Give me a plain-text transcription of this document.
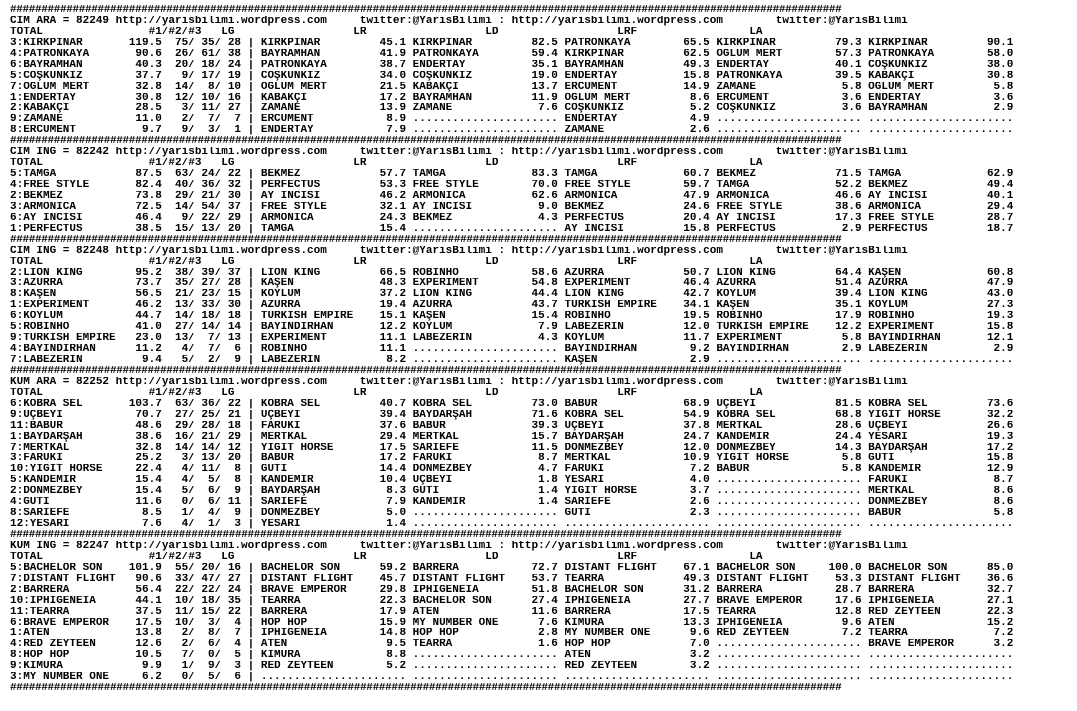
#####################################################################################################################################
CIM ARA = 82249 http://yarisbilimi.wordpress.com     twitter:@YarisBilimi : http://yarisbilimi.wordpress.com        twitter:@YarisBilimi
TOTAL                #1/#2/#3   LG                  LR                  LD                  LRF                 LA
3:KIRKPINAR       119.5  75/ 35/ 28 | KIRKPINAR         45.1 KIRKPINAR         82.5 PATRONKAYA        65.5 KIRKPINAR         79.3 KIRKPINAR         90.1
4:PATRONKAYA       90.6  26/ 61/ 38 | BAYRAMHAN         41.9 PATRONKAYA        59.4 KIRKPINAR         62.5 OĞLUM MERT        57.3 PATRONKAYA        58.0
6:BAYRAMHAN        40.3  20/ 18/ 24 | PATRONKAYA        38.7 ENDERTAY          35.1 BAYRAMHAN         49.3 ENDERTAY          40.1 COŞKUNKIZ         38.0
5:COŞKUNKIZ        37.7   9/ 17/ 19 | COŞKUNKIZ         34.0 COŞKUNKIZ         19.0 ENDERTAY          15.8 PATRONKAYA        39.5 KABAKÇI           30.8
7:OĞLUM MERT       32.8  14/  8/ 10 | OĞLUM MERT        21.5 KABAKÇI           13.7 ERCÜMENT          14.9 ZAMANE             5.8 OĞLUM MERT         5.8
1:ENDERTAY         30.8  12/ 10/ 16 | KABAKÇI           17.2 BAYRAMHAN         11.9 OĞLUM MERT         8.6 ERCÜMENT           3.6 ENDERTAY           3.6
2:KABAKÇI          28.5   3/ 11/ 27 | ZAMANE            13.9 ZAMANE             7.6 COŞKUNKIZ          5.2 COŞKUNKIZ          3.6 BAYRAMHAN          2.9
9:ZAMANE           11.0   2/  7/  7 | ERCÜMENT           8.9 ...................... ENDERTAY           4.9 ...................... ......................
8:ERCÜMENT          9.7   9/  3/  1 | ENDERTAY           7.9 ...................... ZAMANE             2.6 ...................... ......................
#####################################################################################################################################
CIM ING = 82242 http://yarisbilimi.wordpress.com     twitter:@YarisBilimi : http://yarisbilimi.wordpress.com        twitter:@YarisBilimi
TOTAL                #1/#2/#3   LG                  LR                  LD                  LRF                 LA
5:TAMGA            87.5  63/ 24/ 22 | BEKMEZ            57.7 TAMGA             83.3 TAMGA             60.7 BEKMEZ            71.5 TAMGA             62.9
4:FREE STYLE       82.4  40/ 36/ 32 | PERFECTUS         53.3 FREE STYLE        70.0 FREE STYLE        59.7 TAMGA             52.2 BEKMEZ            49.4
2:BEKMEZ           73.8  29/ 21/ 30 | AY İNCİSİ         46.2 ARMONICA          62.6 ARMONICA          47.9 ARMONICA          46.6 AY İNCİSİ         40.1
3:ARMONICA         72.5  14/ 54/ 37 | FREE STYLE        32.1 AY İNCİSİ          9.0 BEKMEZ            24.6 FREE STYLE        38.6 ARMONICA          29.4
6:AY İNCİSİ        46.4   9/ 22/ 29 | ARMONICA          24.3 BEKMEZ             4.3 PERFECTUS         20.4 AY İNCİSİ         17.3 FREE STYLE        28.7
1:PERFECTUS        38.5  15/ 13/ 20 | TAMGA             15.4 ...................... AY İNCİSİ         15.8 PERFECTUS          2.9 PERFECTUS         18.7
#####################################################################################################################################
CIM ING = 82248 http://yarisbilimi.wordpress.com     twitter:@YarisBilimi : http://yarisbilimi.wordpress.com        twitter:@YarisBilimi
TOTAL                #1/#2/#3   LG                  LR                  LD                  LRF                 LA
2:LION KING        95.2  38/ 39/ 37 | LION KING         66.5 ROBINHO           58.6 AZURRA            50.7 LION KING         64.4 KAŞEN             60.8
3:AZURRA           73.7  35/ 27/ 28 | KAŞEN             48.3 EXPERIMENT        54.8 EXPERIMENT        46.4 AZURRA            51.4 AZURRA            47.9
8:KAŞEN            56.5  21/ 23/ 15 | KÖYLÜM            37.2 LION KING         44.4 LION KING         42.7 KÖYLÜM            39.4 LION KING         43.0
1:EXPERIMENT       46.2  13/ 33/ 30 | AZURRA            19.4 AZURRA            43.7 TURKISH EMPIRE    34.1 KAŞEN             35.1 KÖYLÜM            27.3
6:KÖYLÜM           44.7  14/ 18/ 18 | TURKISH EMPIRE    15.1 KAŞEN             15.4 ROBINHO           19.5 ROBINHO           17.9 ROBINHO           19.3
5:ROBINHO          41.0  27/ 14/ 14 | BAYINDIRHAN       12.2 KÖYLÜM             7.9 LABEZERIN         12.0 TURKISH EMPIRE    12.2 EXPERIMENT        15.8
9:TURKISH EMPIRE   23.0  13/  7/ 13 | EXPERIMENT        11.1 LABEZERIN          4.3 KÖYLÜM            11.7 EXPERIMENT         5.8 BAYINDIRHAN       12.1
4:BAYINDIRHAN      11.2   4/  7/  6 | ROBINHO           11.1 ...................... BAYINDIRHAN        9.2 BAYINDIRHAN        2.9 LABEZERIN          2.9
7:LABEZERIN         9.4   5/  2/  9 | LABEZERIN          8.2 ...................... KAŞEN              2.9 ...................... ......................
#####################################################################################################################################
KUM ARA = 82252 http://yarisbilimi.wordpress.com     twitter:@YarisBilimi : http://yarisbilimi.wordpress.com        twitter:@YarisBilimi
TOTAL                #1/#2/#3   LG                  LR                  LD                  LRF                 LA
6:KOBRA SEL       103.7  63/ 36/ 22 | KOBRA SEL         40.7 KOBRA SEL         73.0 BABÜR             68.9 UÇBEYİ            81.5 KOBRA SEL         73.6
9:UÇBEYİ           70.7  27/ 25/ 21 | UÇBEYİ            39.4 BAYDARŞAH         71.6 KOBRA SEL         54.9 KOBRA SEL         68.8 YİĞİT HORSE       32.2
11:BABÜR           48.6  29/ 28/ 18 | FARUKİ            37.6 BABÜR             39.3 UÇBEYİ            37.8 MERTKAL           28.6 UÇBEYİ            26.6
1:BAYDARŞAH        38.6  16/ 21/ 29 | MERTKAL           29.4 MERTKAL           15.7 BAYDARŞAH         24.7 KANDEMİR          24.4 YESARİ            19.3
7:MERTKAL          32.8  14/ 14/ 12 | YİĞİT HORSE       17.5 SARIEFE           11.5 DÖNMEZBEY         12.0 DÖNMEZBEY         14.3 BAYDARŞAH         17.2
3:FARUKİ           25.2   3/ 13/ 20 | BABÜR             17.2 FARUKİ             8.7 MERTKAL           10.9 YİĞİT HORSE        5.8 GUTİ              15.8
10:YİĞİT HORSE     22.4   4/ 11/  8 | GUTİ              14.4 DÖNMEZBEY          4.7 FARUKİ             7.2 BABÜR              5.8 KANDEMİR          12.9
5:KANDEMİR         15.4   4/  5/  8 | KANDEMİR          10.4 UÇBEYİ             1.8 YESARİ             4.0 ...................... FARUKİ             8.7
2:DÖNMEZBEY        15.4   5/  6/  9 | BAYDARŞAH          8.3 GUTİ               1.4 YİĞİT HORSE        3.7 ...................... MERTKAL            8.6
4:GUTİ             11.6   0/  6/ 11 | SARIEFE            7.9 KANDEMİR           1.4 SARIEFE            2.6 ...................... DÖNMEZBEY          8.6
8:SARIEFE           8.5   1/  4/  9 | DÖNMEZBEY          5.0 ...................... GUTİ               2.3 ...................... BABÜR              5.8
12:YESARİ           7.6   4/  1/  3 | YESARİ             1.4 ...................... ...................... ...................... ......................
#####################################################################################################################################
KUM ING = 82247 http://yarisbilimi.wordpress.com     twitter:@YarisBilimi : http://yarisbilimi.wordpress.com        twitter:@YarisBilimi
TOTAL                #1/#2/#3   LG                  LR                  LD                  LRF                 LA
5:BACHELOR SON    101.9  55/ 20/ 16 | BACHELOR SON      59.2 BARRERA           72.7 DISTANT FLIGHT    67.1 BACHELOR SON     100.0 BACHELOR SON      85.0
7:DISTANT FLIGHT   90.6  33/ 47/ 27 | DISTANT FLIGHT    45.7 DISTANT FLIGHT    53.7 TEARRA            49.3 DISTANT FLIGHT    53.3 DISTANT FLIGHT    36.6
2:BARRERA          56.4  22/ 22/ 24 | BRAVE EMPEROR     29.8 IPHIGENEIA        51.8 BACHELOR SON      31.2 BARRERA           28.7 BARRERA           32.7
10:IPHIGENEIA      44.1  10/ 18/ 35 | TEARRA            22.3 BACHELOR SON      27.4 IPHIGENEIA        27.7 BRAVE EMPEROR     17.6 IPHIGENEIA        27.1
11:TEARRA          37.5  11/ 15/ 22 | BARRERA           17.9 ATEN              11.6 BARRERA           17.5 TEARRA            12.8 RED ZEYTEEN       22.3
6:BRAVE EMPEROR    17.5  10/  3/  4 | HOP HOP           15.9 MY NUMBER ONE      7.6 KIMURA            13.3 IPHIGENEIA         9.6 ATEN              15.2
1:ATEN             13.8   2/  8/  7 | IPHIGENEIA        14.8 HOP HOP            2.8 MY NUMBER ONE      9.6 RED ZEYTEEN        7.2 TEARRA             7.2
4:RED ZEYTEEN      12.6   2/  6/  4 | ATEN               9.5 TEARRA             1.6 HOP HOP            7.0 ...................... BRAVE EMPEROR      3.2
8:HOP HOP          10.5   7/  0/  5 | KIMURA             8.8 ...................... ATEN               3.2 ...................... ......................
9:KIMURA            9.9   1/  9/  3 | RED ZEYTEEN        5.2 ...................... RED ZEYTEEN        3.2 ...................... ......................
3:MY NUMBER ONE     6.2   0/  5/  6 | ...................... ...................... ...................... ...................... ......................
#####################################################################################################################################
